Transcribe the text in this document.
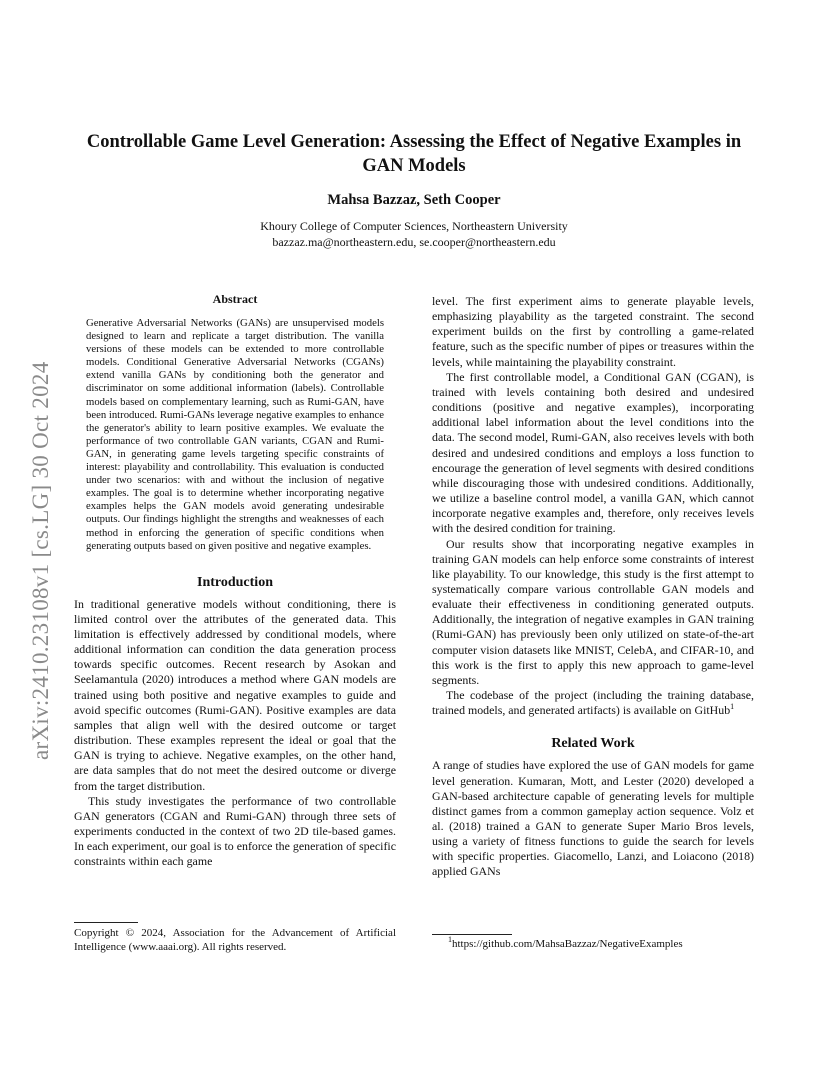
Controllable Game Level Generation: Assessing the Effect of Negative Examples in GAN Models
Mahsa Bazzaz, Seth Cooper
Khoury College of Computer Sciences, Northeastern University
bazzaz.ma@northeastern.edu, se.cooper@northeastern.edu
arXiv:2410.23108v1 [cs.LG] 30 Oct 2024

Abstract

Generative Adversarial Networks (GANs) are unsupervised models designed to learn and replicate a target distribution. The vanilla versions of these models can be extended to more controllable models. Conditional Generative Adversarial Networks (CGANs) extend vanilla GANs by conditioning both the generator and discriminator on some additional information (labels). Controllable models based on complementary learning, such as Rumi-GAN, have been introduced. Rumi-GANs leverage negative examples to enhance the generator's ability to learn positive examples. We evaluate the performance of two controllable GAN variants, CGAN and Rumi-GAN, in generating game levels targeting specific constraints of interest: playability and controllability. This evaluation is conducted under two scenarios: with and without the inclusion of negative examples. The goal is to determine whether incorporating negative examples helps the GAN models avoid generating undesirable outputs. Our findings highlight the strengths and weaknesses of each method in enforcing the generation of specific conditions when generating outputs based on given positive and negative examples.

Introduction

In traditional generative models without conditioning, there is limited control over the attributes of the generated data. This limitation is effectively addressed by conditional models, where additional information can condition the data generation process towards specific outcomes. Recent research by Asokan and Seelamantula (2020) introduces a method where GAN models are trained using both positive and negative examples to guide and avoid specific outcomes (Rumi-GAN). Positive examples are data samples that align well with the desired outcome or target distribution. These examples represent the ideal or goal that the GAN is trying to achieve. Negative examples, on the other hand, are data samples that do not meet the desired outcome or diverge from the target distribution.

This study investigates the performance of two controllable GAN generators (CGAN and Rumi-GAN) through three sets of experiments conducted in the context of two 2D tile-based games. In each experiment, our goal is to enforce the generation of specific constraints within each game

level. The first experiment aims to generate playable levels, emphasizing playability as the targeted constraint. The second experiment builds on the first by controlling a game-related feature, such as the specific number of pipes or treasures within the levels, while maintaining the playability constraint.

The first controllable model, a Conditional GAN (CGAN), is trained with levels containing both desired and undesired conditions (positive and negative examples), incorporating additional label information about the level conditions into the data. The second model, Rumi-GAN, also receives levels with both desired and undesired conditions and employs a loss function to encourage the generation of level segments with desired conditions while discouraging those with undesired conditions. Additionally, we utilize a baseline control model, a vanilla GAN, which cannot incorporate negative examples and, therefore, only receives levels with the desired condition for training.

Our results show that incorporating negative examples in training GAN models can help enforce some constraints of interest like playability. To our knowledge, this study is the first attempt to systematically compare various controllable GAN models and evaluate their effectiveness in conditioning generated outputs. Additionally, the integration of negative examples in GAN training (Rumi-GAN) has previously been only utilized on state-of-the-art computer vision datasets like MNIST, CelebA, and CIFAR-10, and this work is the first to apply this new approach to game-level segments.

The codebase of the project (including the training database, trained models, and generated artifacts) is available on GitHub$^1$

Related Work

A range of studies have explored the use of GAN models for game level generation. Kumaran, Mott, and Lester (2020) developed a GAN-based architecture capable of generating levels for multiple distinct games from a common gameplay action sequence. Volz et al. (2018) trained a GAN to generate Super Mario Bros levels, using a variety of fitness functions to guide the search for levels with specific properties. Giacomello, Lanzi, and Loiacono (2018) applied GANs

Copyright © 2024, Association for the Advancement of Artificial Intelligence (www.aaai.org). All rights reserved.
$^1$https://github.com/MahsaBazzaz/NegativeExamples
